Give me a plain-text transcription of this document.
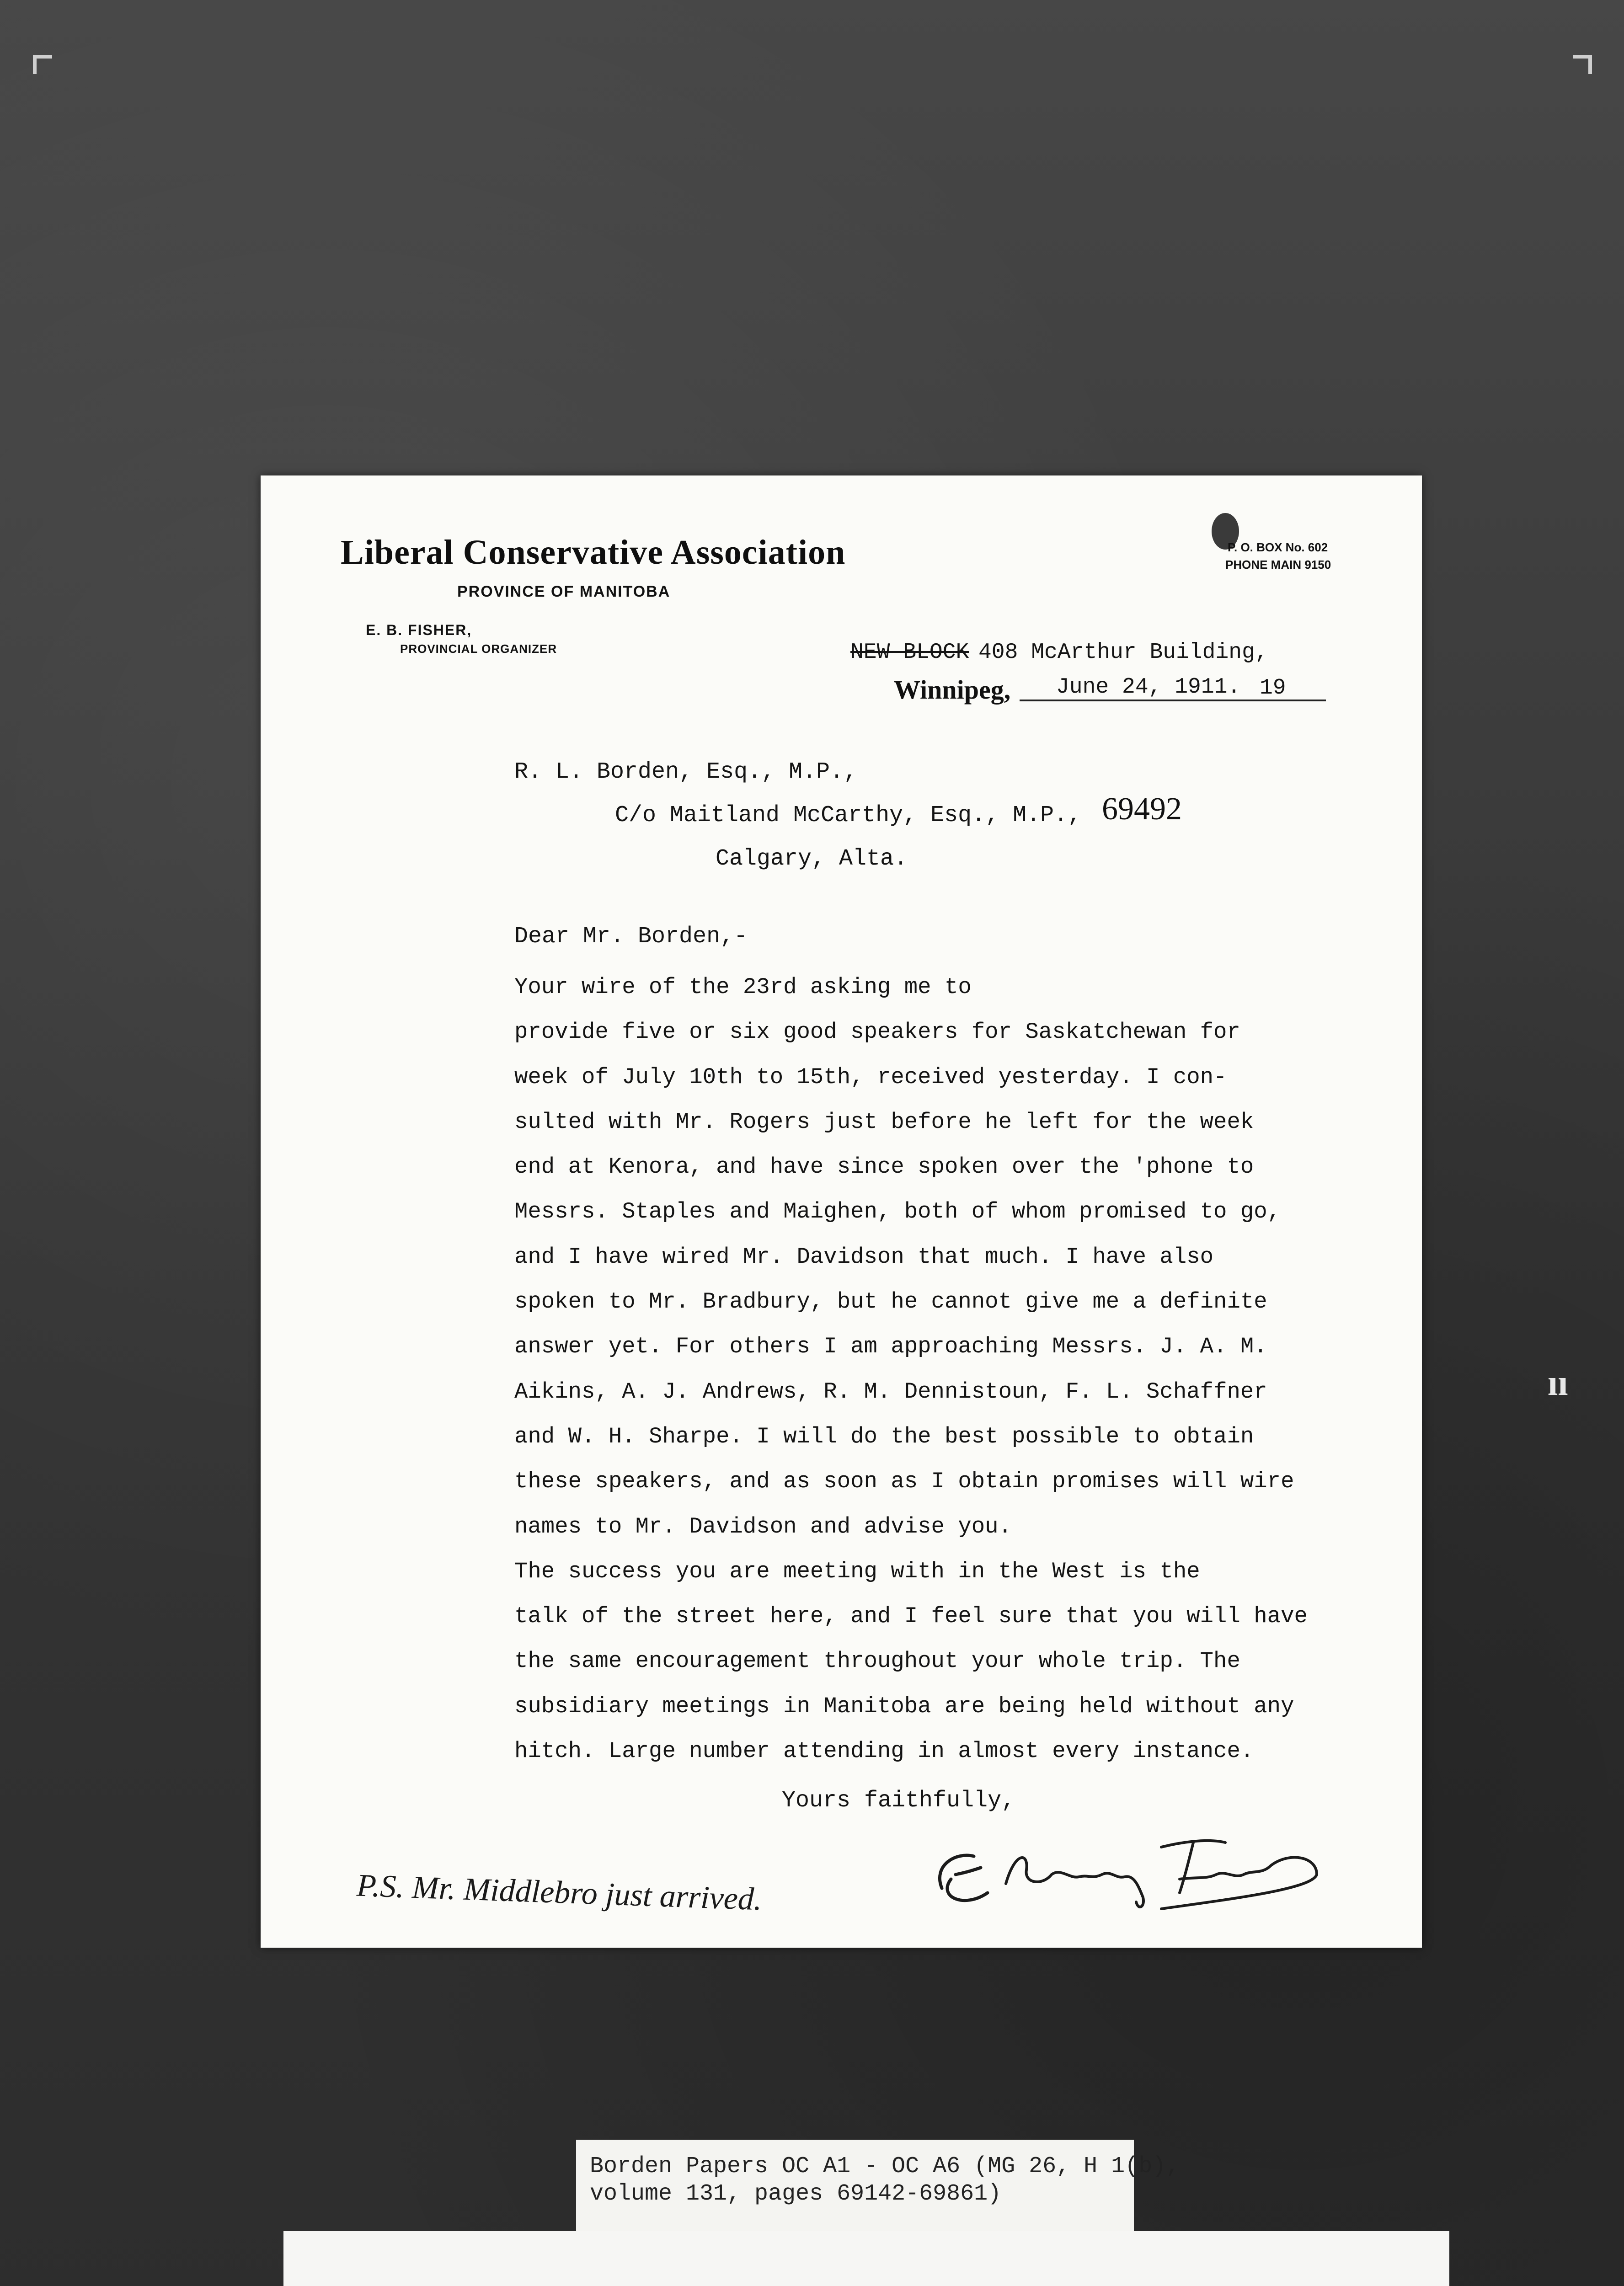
ıı
Liberal Conservative Association
PROVINCE OF MANITOBA
E. B. FISHER,
PROVINCIAL ORGANIZER
P. O. BOX No. 602
PHONE MAIN 9150
NEW BLOCK 408 McArthur Building,
Winnipeg, June 24, 1911. 19
R. L. Borden, Esq., M.P.,
C/o Maitland McCarthy, Esq., M.P.,
Calgary, Alta.
69492
Dear Mr. Borden,-
Your wire of the 23rd asking me to
provide five or six good speakers for Saskatchewan for
week of July 10th to 15th, received yesterday. I con-
sulted with Mr. Rogers just before he left for the week
end at Kenora, and have since spoken over the 'phone to
Messrs. Staples and Maighen, both of whom promised to go,
and I have wired Mr. Davidson that much. I have also
spoken to Mr. Bradbury, but he cannot give me a definite
answer yet. For others I am approaching Messrs. J. A. M.
Aikins, A. J. Andrews, R. M. Dennistoun, F. L. Schaffner
and W. H. Sharpe. I will do the best possible to obtain
these speakers, and as soon as I obtain promises will wire
names to Mr. Davidson and advise you.
The success you are meeting with in the West is the
talk of the street here, and I feel sure that you will have
the same encouragement throughout your whole trip. The
subsidiary meetings in Manitoba are being held without any
hitch. Large number attending in almost every instance.
Yours faithfully,
P.S. Mr. Middlebro just arrived.
Borden Papers OC A1 - OC A6 (MG 26, H 1(b),
volume 131, pages 69142-69861)
